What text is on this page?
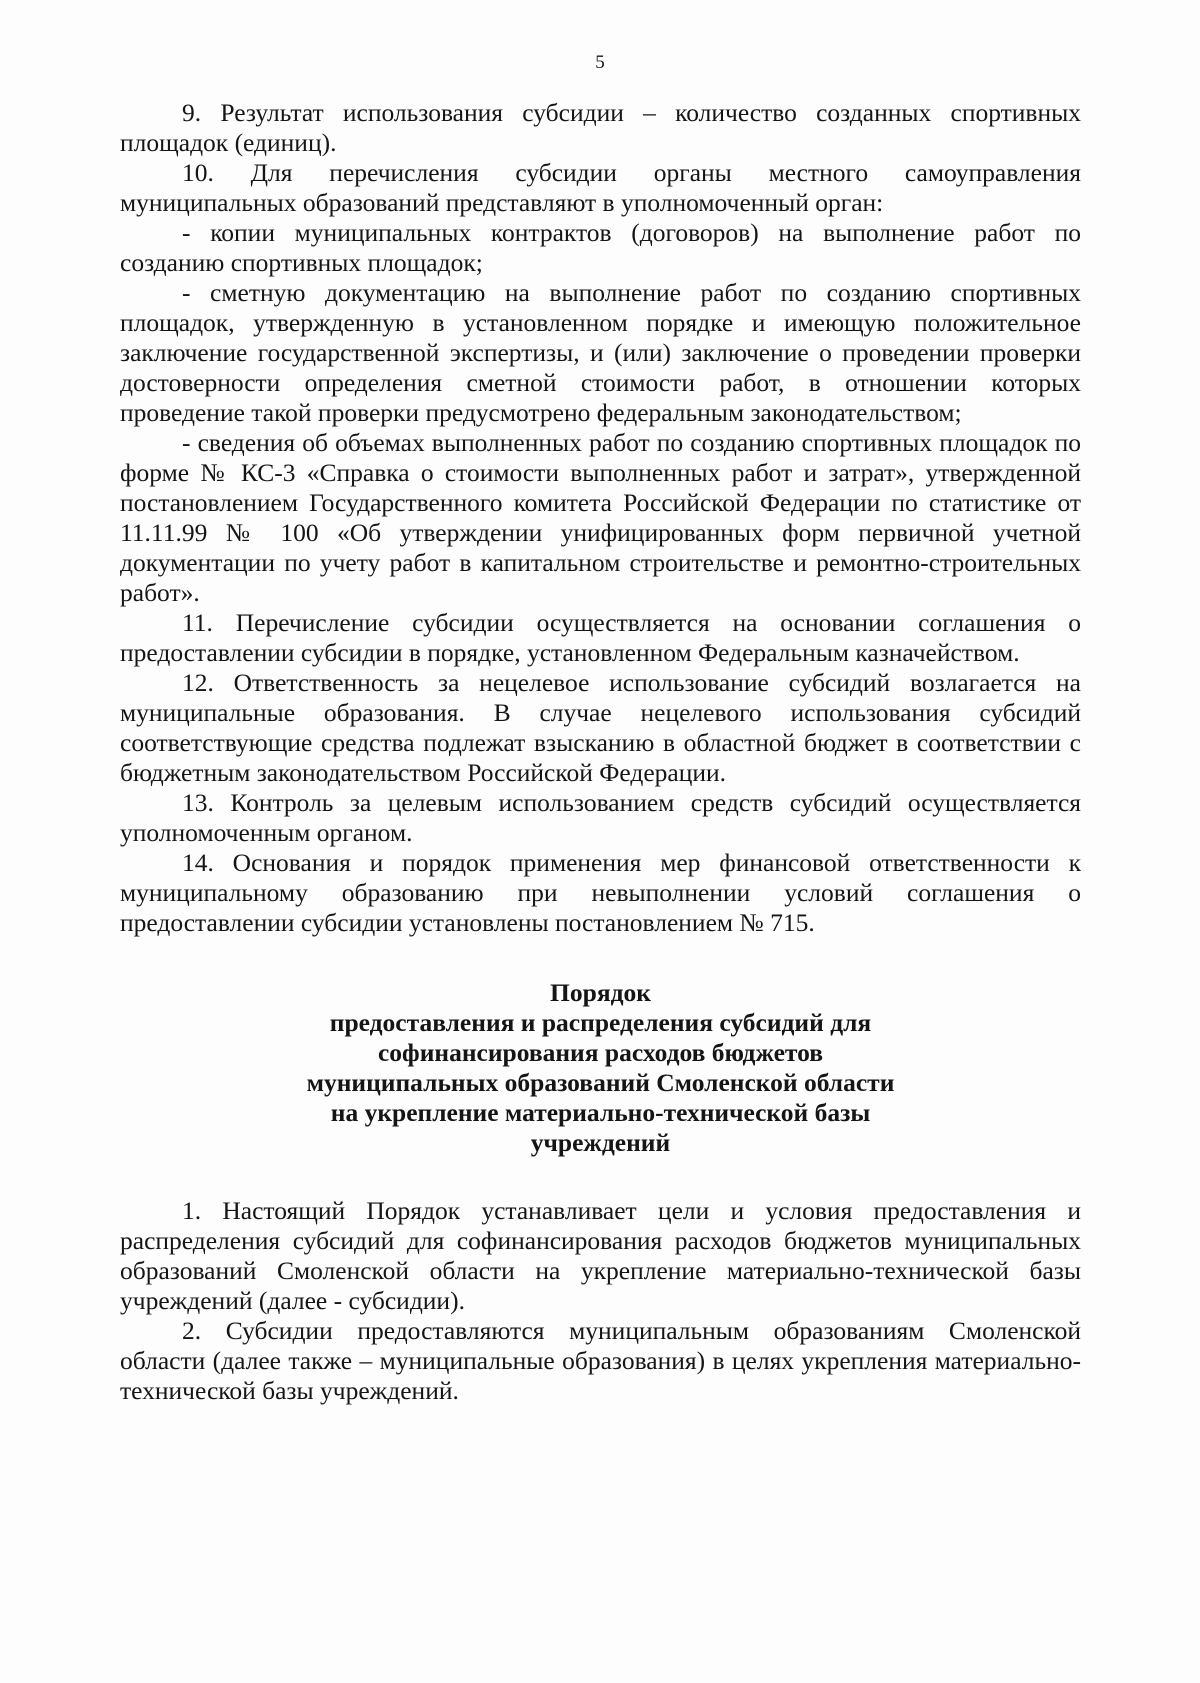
5

9. Результат использования субсидии – количество созданных спортивных площадок (единиц).

10. Для перечисления субсидии органы местного самоуправления муниципальных образований представляют в уполномоченный орган:

- копии муниципальных контрактов (договоров) на выполнение работ по созданию спортивных площадок;

- сметную документацию на выполнение работ по созданию спортивных площадок, утвержденную в установленном порядке и имеющую положительное заключение государственной экспертизы, и (или) заключение о проведении проверки достоверности определения сметной стоимости работ, в отношении которых проведение такой проверки предусмотрено федеральным законодательством;

- сведения об объемах выполненных работ по созданию спортивных площадок по форме № КС-3 «Справка о стоимости выполненных работ и затрат», утвержденной постановлением Государственного комитета Российской Федерации по статистике от 11.11.99 № 100 «Об утверждении унифицированных форм первичной учетной документации по учету работ в капитальном строительстве и ремонтно-строительных работ».

11. Перечисление субсидии осуществляется на основании соглашения о предоставлении субсидии в порядке, установленном Федеральным казначейством.

12. Ответственность за нецелевое использование субсидий возлагается на муниципальные образования. В случае нецелевого использования субсидий соответствующие средства подлежат взысканию в областной бюджет в соответствии с бюджетным законодательством Российской Федерации.

13. Контроль за целевым использованием средств субсидий осуществляется уполномоченным органом.

14. Основания и порядок применения мер финансовой ответственности к муниципальному образованию при невыполнении условий соглашения о предоставлении субсидии установлены постановлением № 715.

Порядок
предоставления и распределения субсидий для
софинансирования расходов бюджетов
муниципальных образований Смоленской области
на укрепление материально-технической базы
учреждений

1. Настоящий Порядок устанавливает цели и условия предоставления и распределения субсидий для софинансирования расходов бюджетов муниципальных образований Смоленской области на укрепление материально-технической базы учреждений (далее - субсидии).

2. Субсидии предоставляются муниципальным образованиям Смоленской области (далее также – муниципальные образования) в целях укрепления материально-технической базы учреждений.
